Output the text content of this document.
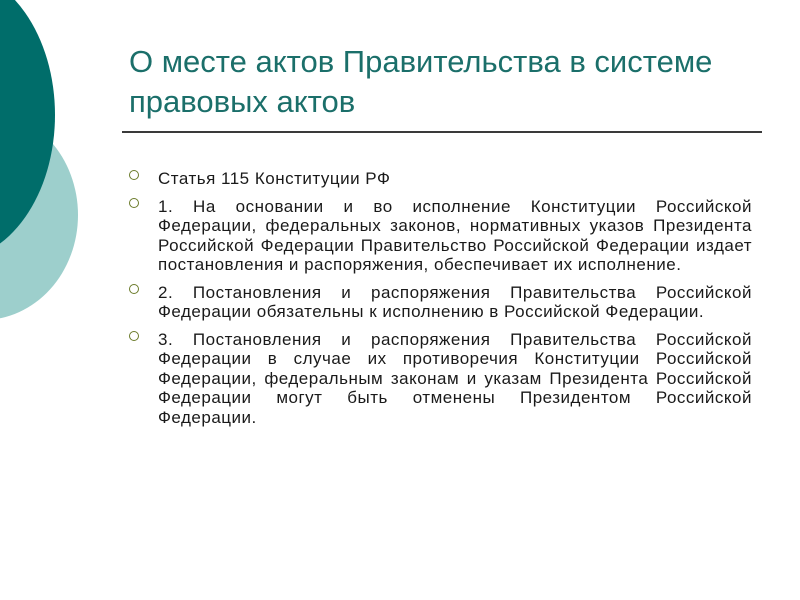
О месте актов Правительства в системе правовых актов
Статья 115 Конституции РФ
1. На основании и во исполнение Конституции Российской Федерации, федеральных законов, нормативных указов Президента Российской Федерации Правительство Российской Федерации издает постановления и распоряжения, обеспечивает их исполнение.
2. Постановления и распоряжения Правительства Российской Федерации обязательны к исполнению в Российской Федерации.
3. Постановления и распоряжения Правительства Российской Федерации в случае их противоречия Конституции Российской Федерации, федеральным законам и указам Президента Российской Федерации могут быть отменены Президентом Российской Федерации.
